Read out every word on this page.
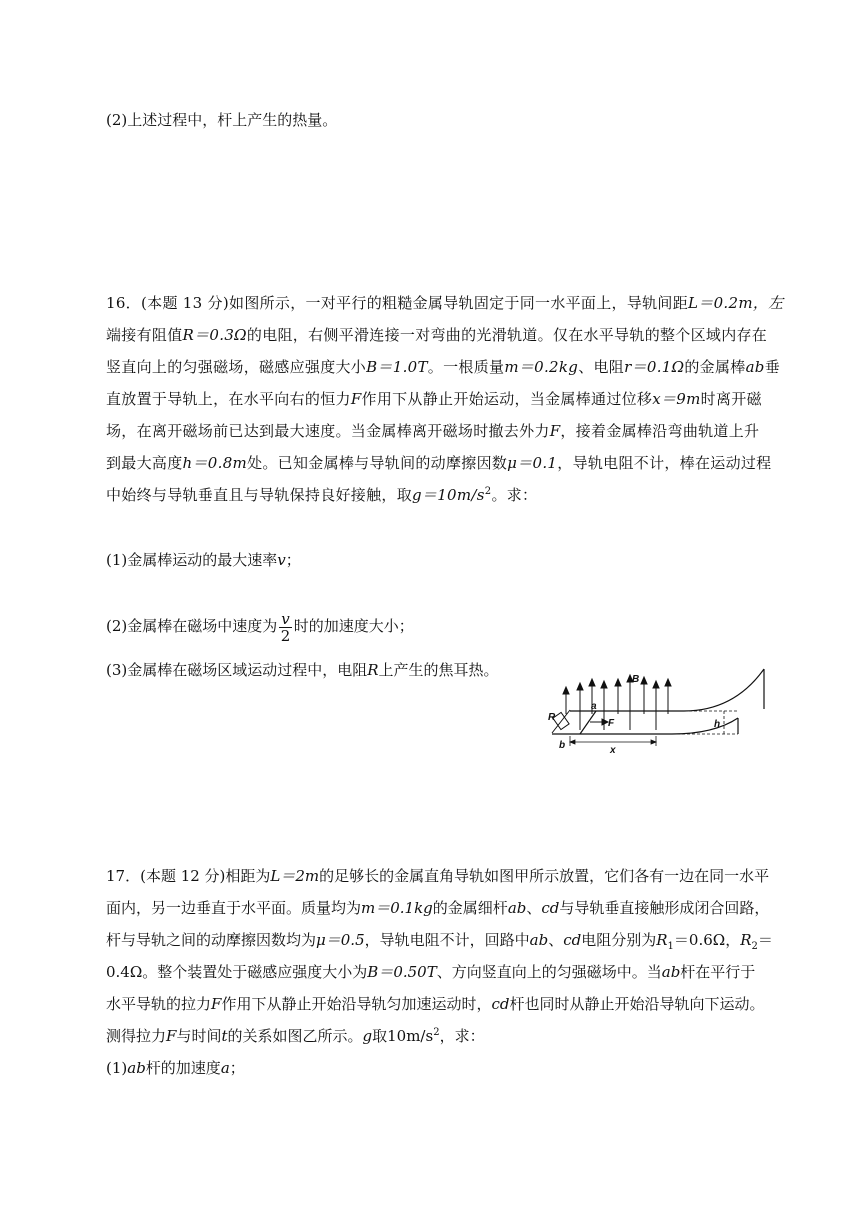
(2)上述过程中，杆上产生的热量。
16．(本题 13 分)如图所示，一对平行的粗糙金属导轨固定于同一水平面上，导轨间距L＝0.2m，左
端接有阻值R＝0.3Ω的电阻，右侧平滑连接一对弯曲的光滑轨道。仅在水平导轨的整个区域内存在
竖直向上的匀强磁场，磁感应强度大小B＝1.0T。一根质量m＝0.2kg、电阻r＝0.1Ω的金属棒ab垂
直放置于导轨上，在水平向右的恒力F作用下从静止开始运动，当金属棒通过位移x＝9m时离开磁
场，在离开磁场前已达到最大速度。当金属棒离开磁场时撤去外力F，接着金属棒沿弯曲轨道上升
到最大高度h＝0.8m处。已知金属棒与导轨间的动摩擦因数μ＝0.1，导轨电阻不计，棒在运动过程
中始终与导轨垂直且与导轨保持良好接触，取$g=10m/s^2$。求：
(1)金属棒运动的最大速率v；
(2)金属棒在磁场中速度为 $\frac{v}{2}$ 时的加速度大小；
(3)金属棒在磁场区域运动过程中，电阻R上产生的焦耳热。
R
a
b
F
B
h
x
17．(本题 12 分)相距为L＝2m的足够长的金属直角导轨如图甲所示放置，它们各有一边在同一水平
面内，另一边垂直于水平面。质量均为m＝0.1kg的金属细杆ab、cd与导轨垂直接触形成闭合回路，
杆与导轨之间的动摩擦因数均为μ＝0.5，导轨电阻不计，回路中ab、cd电阻分别为$R_1=0.6\Omega$，$R_2=$
0.4Ω。整个装置处于磁感应强度大小为B＝0.50T、方向竖直向上的匀强磁场中。当ab杆在平行于
水平导轨的拉力F作用下从静止开始沿导轨匀加速运动时，cd杆也同时从静止开始沿导轨向下运动。
测得拉力F与时间t的关系如图乙所示。g取$10m/s^2$，求：
(1)ab杆的加速度a；
